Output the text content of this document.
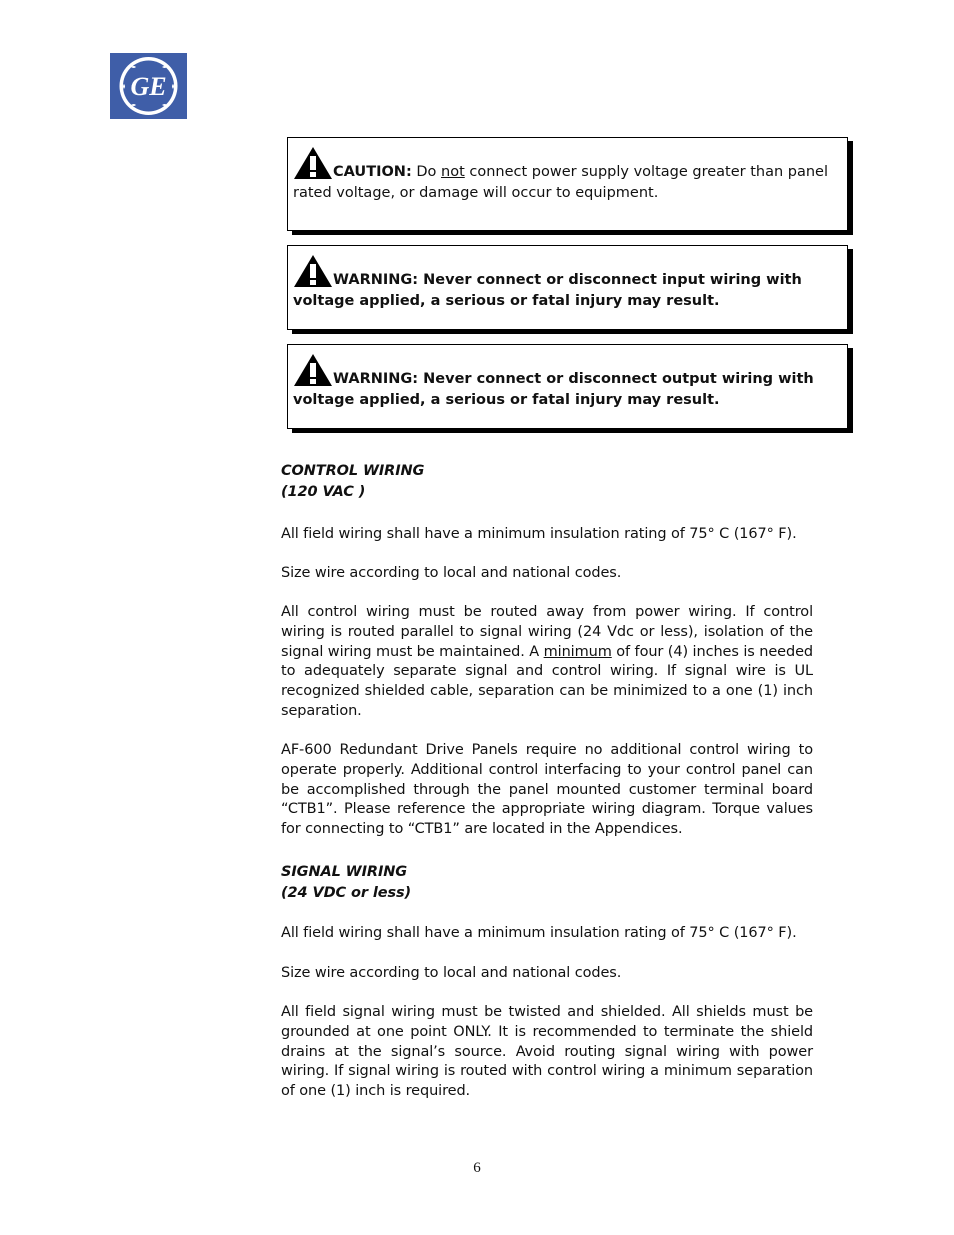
GE
CAUTION: Do not connect power supply voltage greater than panel rated voltage, or damage will occur to equipment.
WARNING: Never connect or disconnect input wiring with voltage applied, a serious or fatal injury may result.
WARNING: Never connect or disconnect output wiring with voltage applied, a serious or fatal injury may result.
CONTROL WIRING
(120 VAC )

All field wiring shall have a minimum insulation rating of 75° C (167° F).

Size wire according to local and national codes.

All control wiring must be routed away from power wiring. If control wiring is routed parallel to signal wiring (24 Vdc or less), isolation of the signal wiring must be maintained. A minimum of four (4) inches is needed to adequately separate signal and control wiring. If signal wire is UL recognized shielded cable, separation can be minimized to a one (1) inch separation.

AF-600 Redundant Drive Panels require no additional control wiring to operate properly. Additional control interfacing to your control panel can be accomplished through the panel mounted customer terminal board “CTB1”. Please reference the appropriate wiring diagram. Torque values for connecting to “CTB1” are located in the Appendices.

SIGNAL WIRING
(24 VDC or less)

All field wiring shall have a minimum insulation rating of 75° C (167° F).

Size wire according to local and national codes.

All field signal wiring must be twisted and shielded. All shields must be grounded at one point ONLY. It is recommended to terminate the shield drains at the signal’s source. Avoid routing signal wiring with power wiring. If signal wiring is routed with control wiring a minimum separation of one (1) inch is required.

6
